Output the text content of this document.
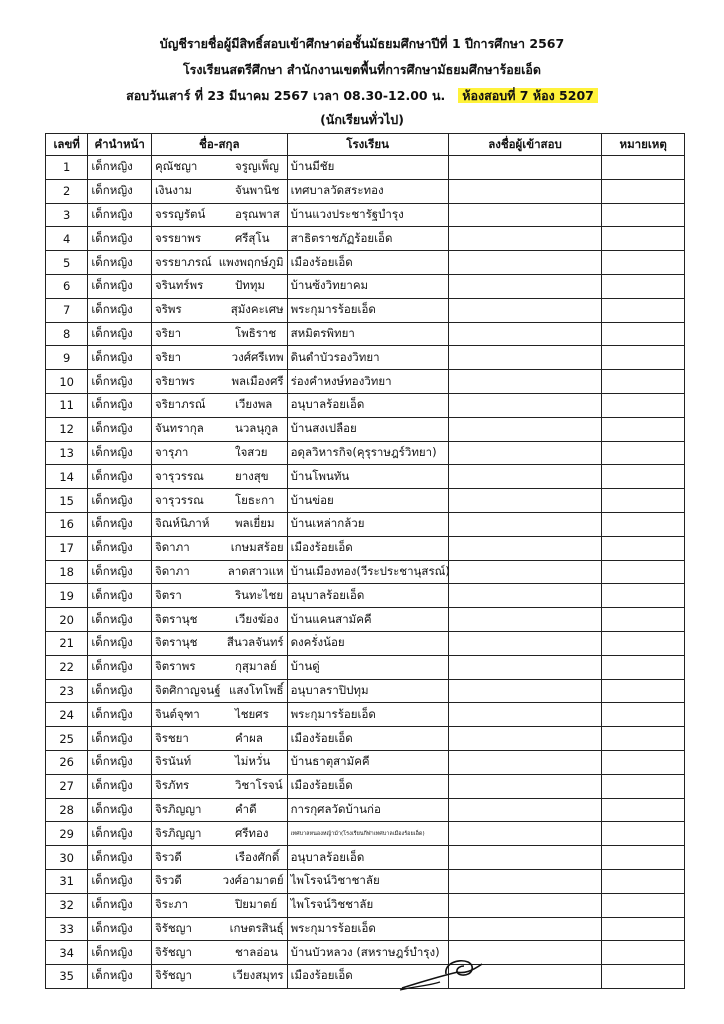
บัญชีรายชื่อผู้มีสิทธิ์สอบเข้าศึกษาต่อชั้นมัธยมศึกษาปีที่ 1 ปีการศึกษา 2567
โรงเรียนสตรีศึกษา สำนักงานเขตพื้นที่การศึกษามัธยมศึกษาร้อยเอ็ด
สอบวันเสาร์ ที่ 23 มีนาคม 2567 เวลา 08.30-12.00 น. ห้องสอบที่ 7 ห้อง 5207
(นักเรียนทั่วไป)
เลขที่	คำนำหน้า	ชื่อ-สกุล	โรงเรียน	ลงชื่อผู้เข้าสอบ	หมายเหตุ
1	เด็กหญิง	คุณัชญา จรูญเพ็ญ	บ้านมีชัย		
2	เด็กหญิง	เงินงาม จันพานิช	เทศบาลวัดสระทอง		
3	เด็กหญิง	จรรญรัตน์ อรุณพาส	บ้านแวงประชารัฐบำรุง		
4	เด็กหญิง	จรรยาพร ศรีสุโน	สาธิตราชภัฏร้อยเอ็ด		
5	เด็กหญิง	จรรยาภรณ์ แพงพฤกษ์ภูมิ	เมืองร้อยเอ็ด		
6	เด็กหญิง	จรินทร์พร ปัททุม	บ้านซ้งวิทยาคม		
7	เด็กหญิง	จริพร สุมังคะเศษ	พระกุมารร้อยเอ็ด		
8	เด็กหญิง	จริยา โพธิราช	สหมิตรพิทยา		
9	เด็กหญิง	จริยา วงศ์ศรีเทพ	ดินดำบัวรองวิทยา		
10	เด็กหญิง	จริยาพร พลเมืองศรี	ร่องคำหงษ์ทองวิทยา		
11	เด็กหญิง	จริยาภรณ์ เวียงพล	อนุบาลร้อยเอ็ด		
12	เด็กหญิง	จันทรากุล นวลนุกูล	บ้านสงเปลือย		
13	เด็กหญิง	จารุภา ใจสวย	อดุลวิหารกิจ(คุรุราษฎร์วิทยา)		
14	เด็กหญิง	จารุวรรณ ยางสุข	บ้านโพนทัน		
15	เด็กหญิง	จารุวรรณ โยธะกา	บ้านข่อย		
16	เด็กหญิง	จิณห์นิภาห์ พลเยี่ยม	บ้านเหล่ากล้วย		
17	เด็กหญิง	จิดาภา เกษมสร้อย	เมืองร้อยเอ็ด		
18	เด็กหญิง	จิดาภา ลาดสาวแห	บ้านเมืองทอง(วีระประชานุสรณ์)		
19	เด็กหญิง	จิตรา รินทะไชย	อนุบาลร้อยเอ็ด		
20	เด็กหญิง	จิตรานุช เวียงฆ้อง	บ้านแคนสามัคคี		
21	เด็กหญิง	จิตรานุช สีนวลจันทร์	ดงครั่งน้อย		
22	เด็กหญิง	จิตราพร กุสุมาลย์	บ้านดู่		
23	เด็กหญิง	จิตศิกาญจนฐ์ แสงโทโพธิ์	อนุบาลราปิปทุม		
24	เด็กหญิง	จินต์จุฑา ไชยศร	พระกุมารร้อยเอ็ด		
25	เด็กหญิง	จิรชยา คำผล	เมืองร้อยเอ็ด		
26	เด็กหญิง	จิรนันท์ ไม่หวั่น	บ้านธาตุสามัคคี		
27	เด็กหญิง	จิรภัทร วิชาโรจน์	เมืองร้อยเอ็ด		
28	เด็กหญิง	จิรภิญญา คำดี	การกุศลวัดบ้านก่อ		
29	เด็กหญิง	จิรภิญญา ศรีทอง	เทศบาลหนองหญ้าม้า(โรงเรียนกีฬาเทศบาลเมืองร้อยเอ็ด)		
30	เด็กหญิง	จิรวดี เรืองศักดิ์	อนุบาลร้อยเอ็ด		
31	เด็กหญิง	จิรวดี วงศ์อามาตย์	ไพโรจน์วิชาชาลัย		
32	เด็กหญิง	จิระภา ปิยมาตย์	ไพโรจน์วิชชาลัย		
33	เด็กหญิง	จิรัชญา เกษตรสินธุ์	พระกุมารร้อยเอ็ด		
34	เด็กหญิง	จิรัชญา ชาลอ่อน	บ้านบัวหลวง (สหราษฎร์บำรุง)		
35	เด็กหญิง	จิรัชญา เวียงสมุทร	เมืองร้อยเอ็ด		
